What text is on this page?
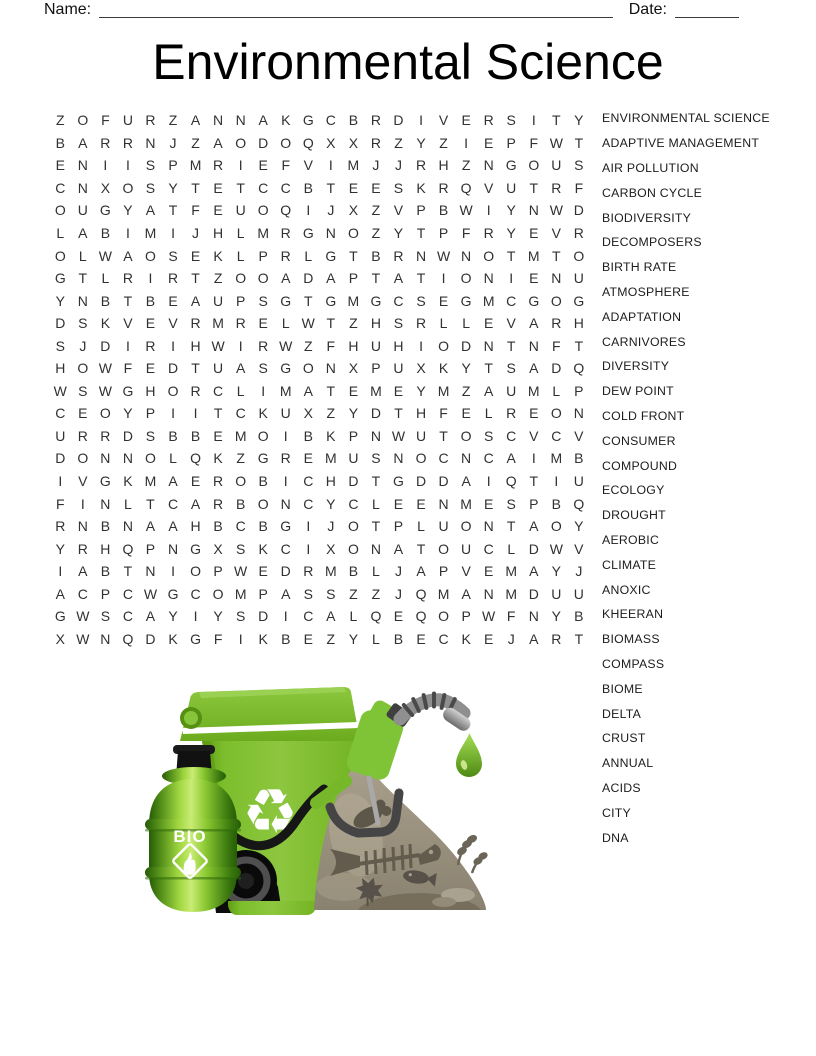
Name:	Date:
Environmental Science
Z O F U R Z A N N A K G C B R D	I	V E R S	I	T Y
B A R R N J	Z A O D O Q X X R Z Y Z	I	E P F W T
E N	I	I	S P M R	I	E F V	I	M J	J R H Z N G O U S
C N X O S Y T E T C C B T E E S K R Q V U T R F
O U G Y A T F E U O Q	I	J	X Z V P B W	I	Y N W D
L A B	I	M	I	J H L M R G N O Z Y T P F R Y E V R
O L W A O S E K L P R L G T B R N W N O T M T O
G T	L R	I	R T Z O O A D A P T A T	I	O N	I	E N U
Y N B T B E A U P S G T G M G C S E G M C G O G
D S K V E V R M R E L W T Z H S R L	L E V A R H
S	J D	I	R	I	H W	I	R W Z F H U H	I	O D N T N F T
H O W F E D T U A S G O N X P U X K Y T S A D Q
W S W G H O R C L	I	M A T E M E Y M Z A U M L P
C E O Y P	I	I	T C K U X Z Y D T H F E L R E O N
U R R D S B B E M O	I	B K P N W U T O S C V C V
D O N N O L Q K Z G R E M U S N O C N C A	I	M B
I	V G K M A E R O B	I	C H D T G D D A	I	Q T	I	U
F	I	N L	T C A R B O N C Y C L E E N M E S P B Q
R N B N A A H B C B G	I	J O T P L U O N T A O Y
Y R H Q P N G X S K C	I	X O N A T O U C L D W V
I	A B T N	I	O P W E D R M B L	J	A P V E M A Y	J
A C P C W G C O M P A S S Z Z	J Q M A N M D U U
G W S C A Y	I	Y S D	I	C A L Q E Q O P W F N Y B
X W N Q D K G F	I	K B E Z Y L B E C K E	J	A R T
ENVIRONMENTAL SCIENCE
ADAPTIVE MANAGEMENT
AIR POLLUTION
CARBON CYCLE
BIODIVERSITY
DECOMPOSERS
BIRTH RATE
ATMOSPHERE
ADAPTATION
CARNIVORES
DIVERSITY
DEW POINT
COLD FRONT
CONSUMER
COMPOUND
ECOLOGY
DROUGHT
AEROBIC
CLIMATE
ANOXIC
KHEERAN
BIOMASS
COMPASS
BIOME
DELTA
CRUST
ANNUAL
ACIDS
CITY
DNA
♻
BIO
